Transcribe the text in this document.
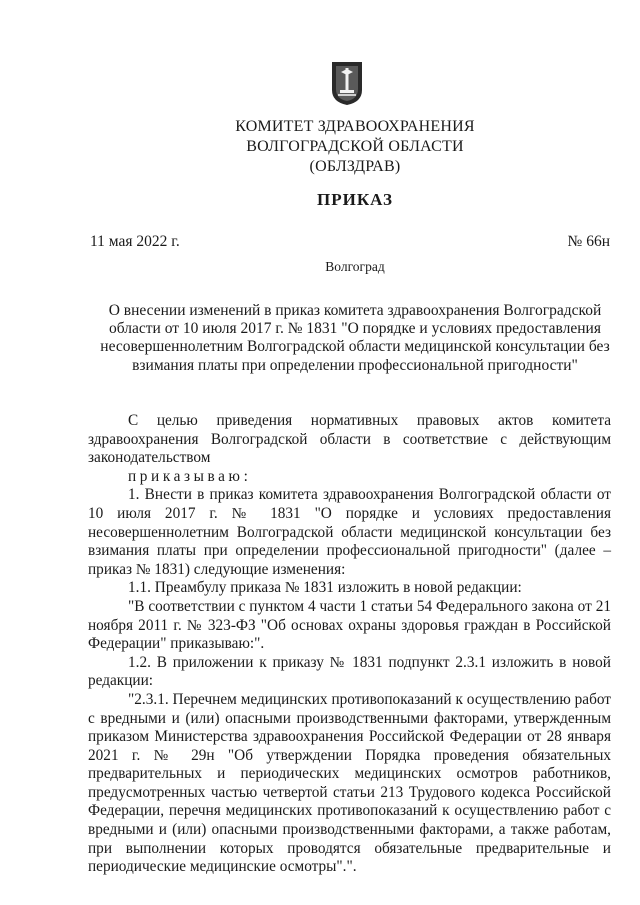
КОМИТЕТ ЗДРАВООХРАНЕНИЯ
ВОЛГОГРАДСКОЙ ОБЛАСТИ
(ОБЛЗДРАВ)
ПРИКАЗ
11 мая 2022 г.	№ 66н
Волгоград
О внесении изменений в приказ комитета здравоохранения Волгоградской области от 10 июля 2017 г. № 1831 "О порядке и условиях предоставления несовершеннолетним Волгоградской области медицинской консультации без взимания платы при определении профессиональной пригодности"

С целью приведения нормативных правовых актов комитета здравоохранения Волгоградской области в соответствие с действующим законодательством

приказываю:

1. Внести в приказ комитета здравоохранения Волгоградской области от 10 июля 2017 г. № 1831 "О порядке и условиях предоставления несовершеннолетним Волгоградской области медицинской консультации без взимания платы при определении профессиональной пригодности" (далее – приказ № 1831) следующие изменения:

1.1. Преамбулу приказа № 1831 изложить в новой редакции:

"В соответствии с пунктом 4 части 1 статьи 54 Федерального закона от 21 ноября 2011 г. № 323-ФЗ "Об основах охраны здоровья граждан в Российской Федерации" приказываю:".

1.2. В приложении к приказу № 1831 подпункт 2.3.1 изложить в новой редакции:

"2.3.1. Перечнем медицинских противопоказаний к осуществлению работ с вредными и (или) опасными производственными факторами, утвержденным приказом Министерства здравоохранения Российской Федерации от 28 января 2021 г. № 29н "Об утверждении Порядка проведения обязательных предварительных и периодических медицинских осмотров работников, предусмотренных частью четвертой статьи 213 Трудового кодекса Российской Федерации, перечня медицинских противопоказаний к осуществлению работ с вредными и (или) опасными производственными факторами, а также работам, при выполнении которых проводятся обязательные предварительные и периодические медицинские осмотры".".
